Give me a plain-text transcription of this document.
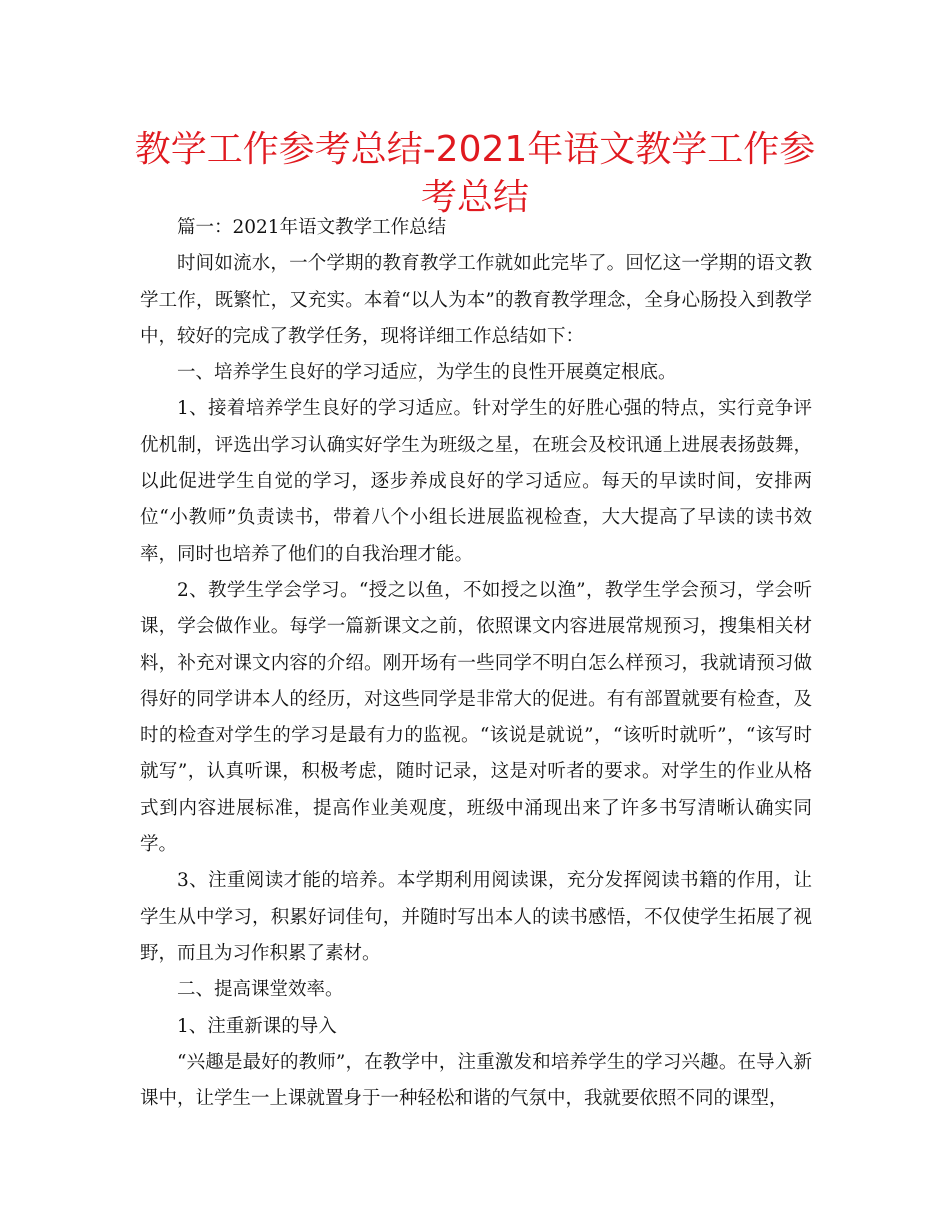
教学工作参考总结-2021年语文教学工作参考总结

篇一：2021年语文教学工作总结

时间如流水，一个学期的教育教学工作就如此完毕了。回忆这一学期的语文教学工作，既繁忙，又充实。本着“以人为本”的教育教学理念，全身心肠投入到教学中，较好的完成了教学任务，现将详细工作总结如下：

一、培养学生良好的学习适应，为学生的良性开展奠定根底。

1、接着培养学生良好的学习适应。针对学生的好胜心强的特点，实行竞争评优机制，评选出学习认确实好学生为班级之星，在班会及校讯通上进展表扬鼓舞，以此促进学生自觉的学习，逐步养成良好的学习适应。每天的早读时间，安排两位“小教师”负责读书，带着八个小组长进展监视检查，大大提高了早读的读书效率，同时也培养了他们的自我治理才能。

2、教学生学会学习。“授之以鱼，不如授之以渔”，教学生学会预习，学会听课，学会做作业。每学一篇新课文之前，依照课文内容进展常规预习，搜集相关材料，补充对课文内容的介绍。刚开场有一些同学不明白怎么样预习，我就请预习做得好的同学讲本人的经历，对这些同学是非常大的促进。有有部置就要有检查，及时的检查对学生的学习是最有力的监视。“该说是就说”，“该听时就听”，“该写时就写”，认真听课，积极考虑，随时记录，这是对听者的要求。对学生的作业从格式到内容进展标准，提高作业美观度，班级中涌现出来了许多书写清晰认确实同学。

3、注重阅读才能的培养。本学期利用阅读课，充分发挥阅读书籍的作用，让学生从中学习，积累好词佳句，并随时写出本人的读书感悟，不仅使学生拓展了视野，而且为习作积累了素材。

二、提高课堂效率。

1、注重新课的导入

“兴趣是最好的教师”，在教学中，注重激发和培养学生的学习兴趣。在导入新课中，让学生一上课就置身于一种轻松和谐的气氛中，我就要依照不同的课型，
